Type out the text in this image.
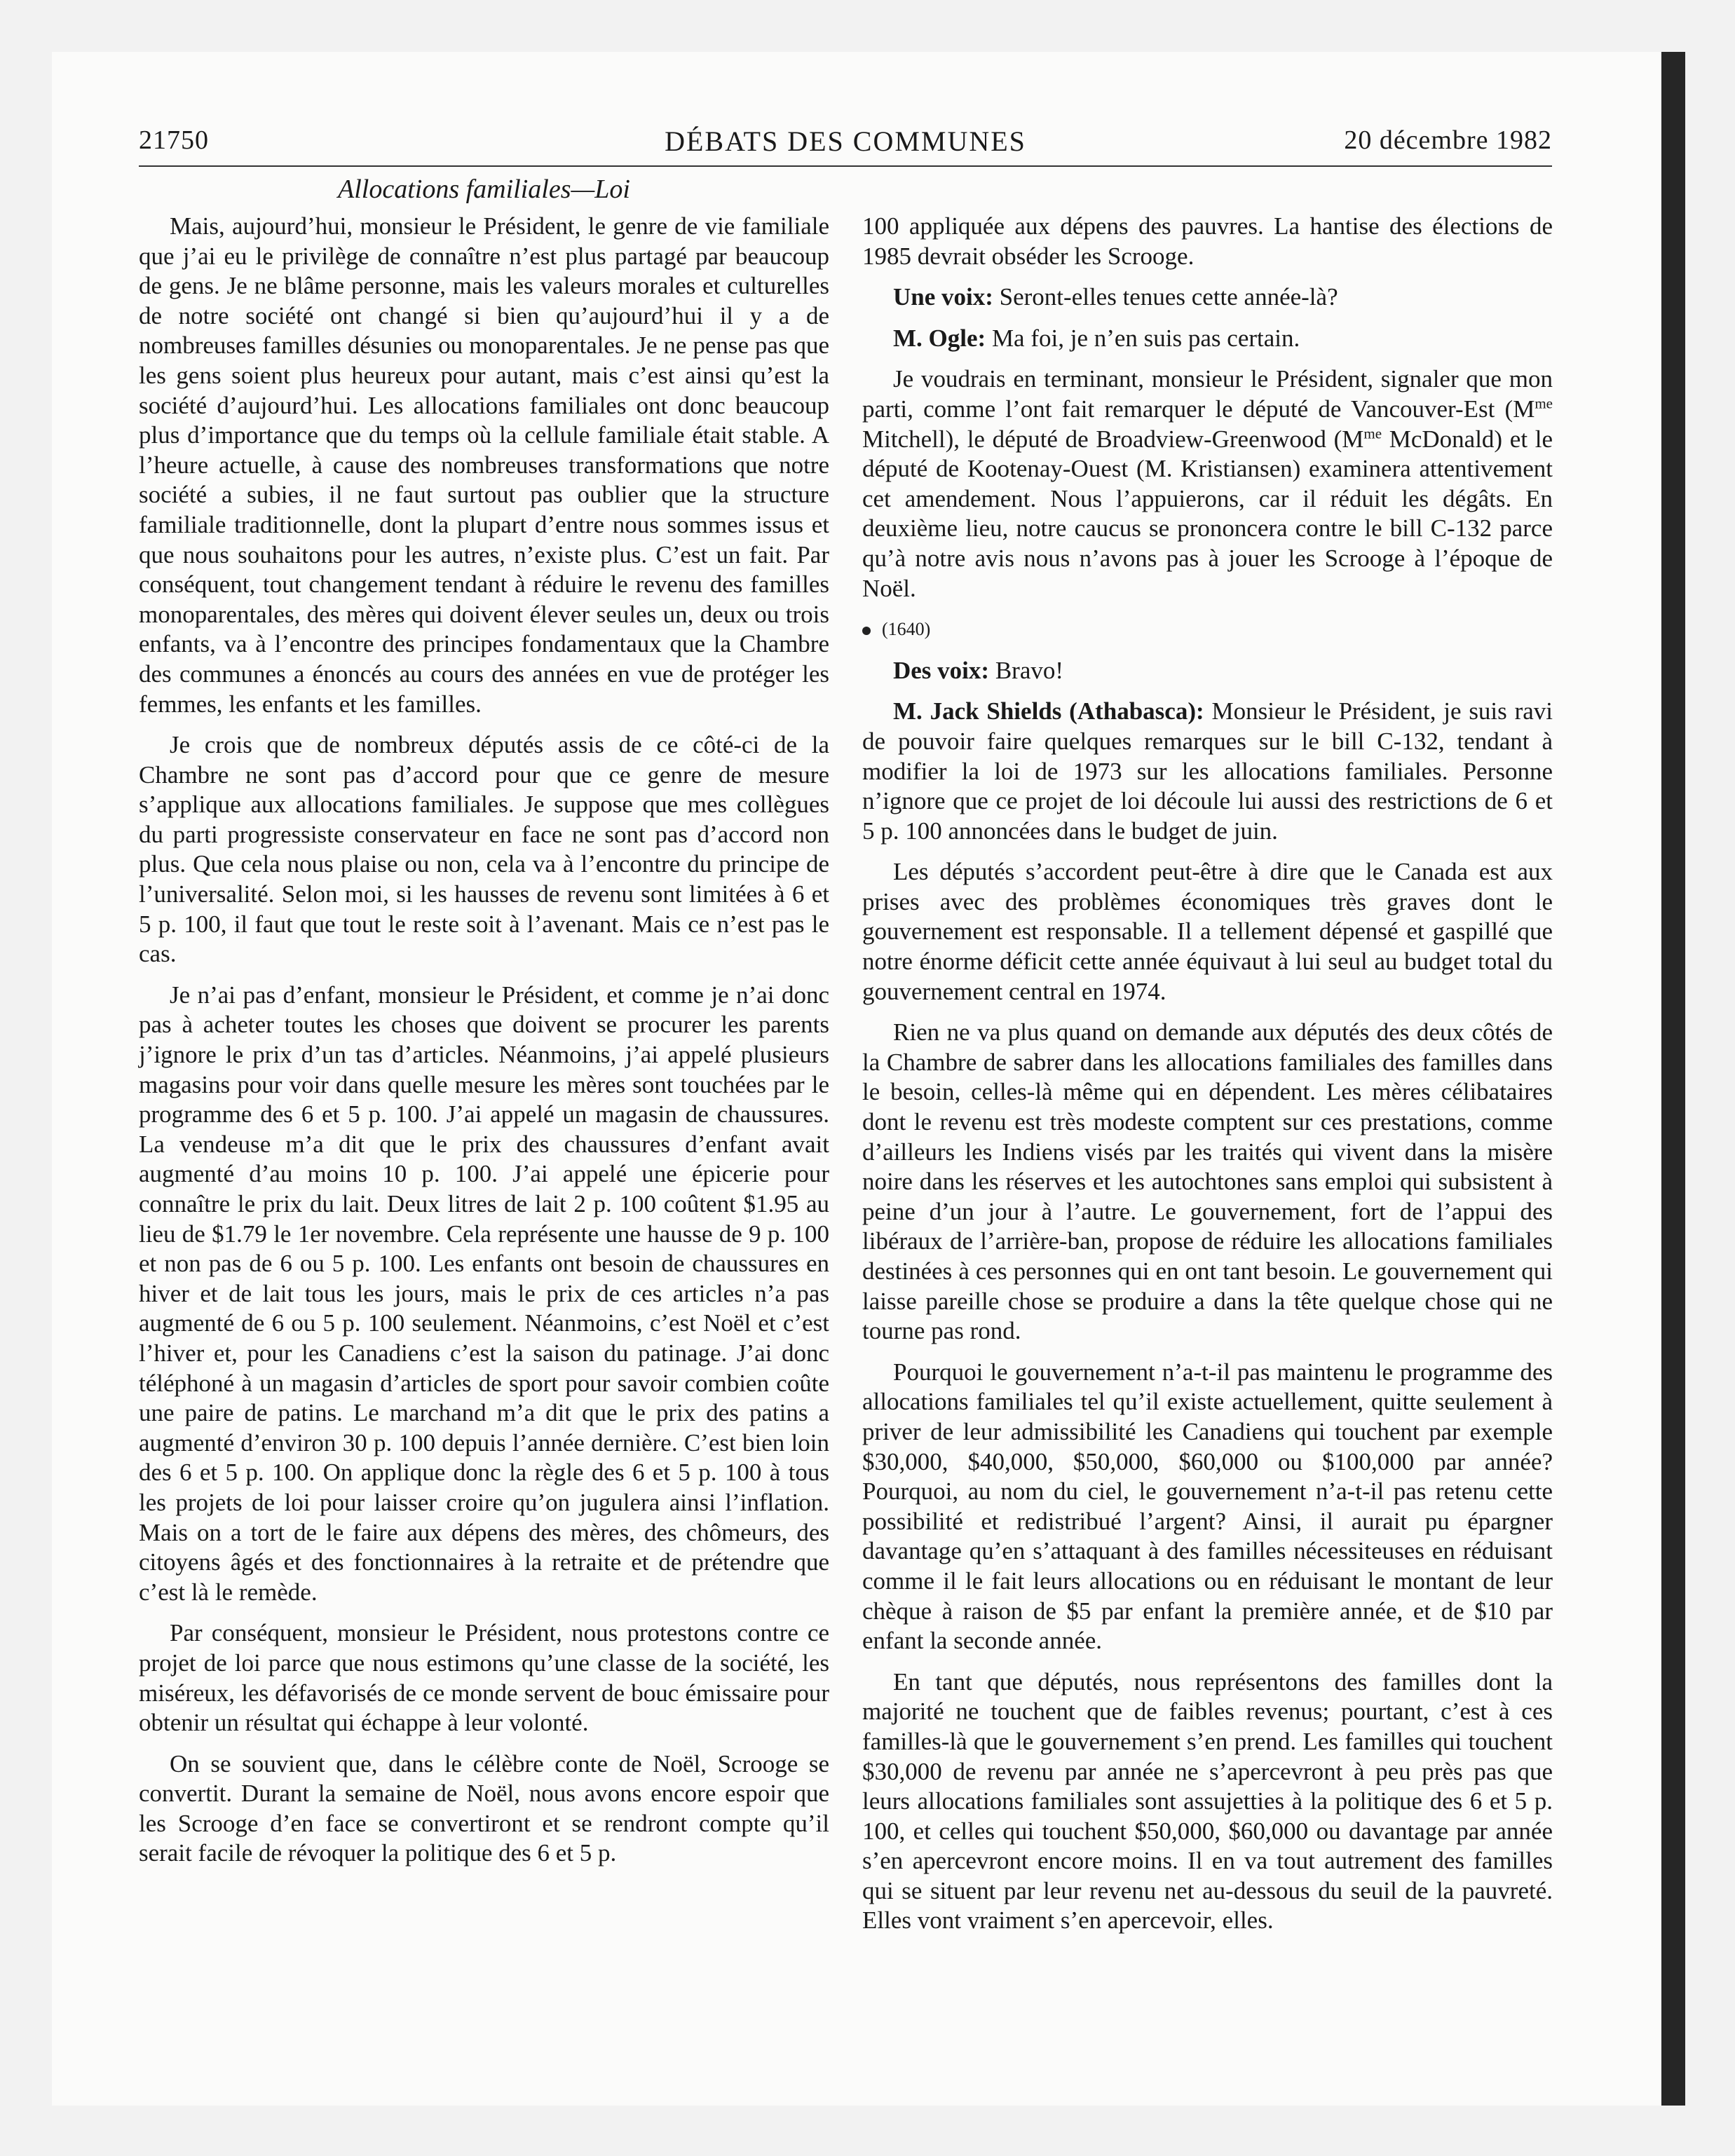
21750	DÉBATS DES COMMUNES	20 décembre 1982
Allocations familiales—Loi

Mais, aujourd’hui, monsieur le Président, le genre de vie familiale que j’ai eu le privilège de connaître n’est plus partagé par beaucoup de gens. Je ne blâme personne, mais les valeurs morales et culturelles de notre société ont changé si bien qu’aujourd’hui il y a de nombreuses familles désunies ou monoparentales. Je ne pense pas que les gens soient plus heureux pour autant, mais c’est ainsi qu’est la société d’aujourd’hui. Les allocations familiales ont donc beaucoup plus d’importance que du temps où la cellule familiale était stable. A l’heure actuelle, à cause des nombreuses transformations que notre société a subies, il ne faut surtout pas oublier que la structure familiale traditionnelle, dont la plupart d’entre nous sommes issus et que nous souhaitons pour les autres, n’existe plus. C’est un fait. Par conséquent, tout changement tendant à réduire le revenu des familles monoparentales, des mères qui doivent élever seules un, deux ou trois enfants, va à l’encontre des principes fondamentaux que la Chambre des communes a énoncés au cours des années en vue de protéger les femmes, les enfants et les familles.

Je crois que de nombreux députés assis de ce côté-ci de la Chambre ne sont pas d’accord pour que ce genre de mesure s’applique aux allocations familiales. Je suppose que mes collègues du parti progressiste conservateur en face ne sont pas d’accord non plus. Que cela nous plaise ou non, cela va à l’encontre du principe de l’universalité. Selon moi, si les hausses de revenu sont limitées à 6 et 5 p. 100, il faut que tout le reste soit à l’avenant. Mais ce n’est pas le cas.

Je n’ai pas d’enfant, monsieur le Président, et comme je n’ai donc pas à acheter toutes les choses que doivent se procurer les parents j’ignore le prix d’un tas d’articles. Néanmoins, j’ai appelé plusieurs magasins pour voir dans quelle mesure les mères sont touchées par le programme des 6 et 5 p. 100. J’ai appelé un magasin de chaussures. La vendeuse m’a dit que le prix des chaussures d’enfant avait augmenté d’au moins 10 p. 100. J’ai appelé une épicerie pour connaître le prix du lait. Deux litres de lait 2 p. 100 coûtent $1.95 au lieu de $1.79 le 1er novembre. Cela représente une hausse de 9 p. 100 et non pas de 6 ou 5 p. 100. Les enfants ont besoin de chaussures en hiver et de lait tous les jours, mais le prix de ces articles n’a pas augmenté de 6 ou 5 p. 100 seulement. Néanmoins, c’est Noël et c’est l’hiver et, pour les Canadiens c’est la saison du patinage. J’ai donc téléphoné à un magasin d’articles de sport pour savoir combien coûte une paire de patins. Le marchand m’a dit que le prix des patins a augmenté d’environ 30 p. 100 depuis l’année dernière. C’est bien loin des 6 et 5 p. 100. On applique donc la règle des 6 et 5 p. 100 à tous les projets de loi pour laisser croire qu’on jugulera ainsi l’inflation. Mais on a tort de le faire aux dépens des mères, des chômeurs, des citoyens âgés et des fonctionnaires à la retraite et de prétendre que c’est là le remède.

Par conséquent, monsieur le Président, nous protestons contre ce projet de loi parce que nous estimons qu’une classe de la société, les miséreux, les défavorisés de ce monde servent de bouc émissaire pour obtenir un résultat qui échappe à leur volonté.

On se souvient que, dans le célèbre conte de Noël, Scrooge se convertit. Durant la semaine de Noël, nous avons encore espoir que les Scrooge d’en face se convertiront et se rendront compte qu’il serait facile de révoquer la politique des 6 et 5 p.

100 appliquée aux dépens des pauvres. La hantise des élections de 1985 devrait obséder les Scrooge.

Une voix: Seront-elles tenues cette année-là?

M. Ogle: Ma foi, je n’en suis pas certain.

Je voudrais en terminant, monsieur le Président, signaler que mon parti, comme l’ont fait remarquer le député de Vancouver-Est ($M^{me}$ Mitchell), le député de Broadview-Greenwood ($M^{me}$ McDonald) et le député de Kootenay-Ouest (M. Kristiansen) examinera attentivement cet amendement. Nous l’appuierons, car il réduit les dégâts. En deuxième lieu, notre caucus se prononcera contre le bill C-132 parce qu’à notre avis nous n’avons pas à jouer les Scrooge à l’époque de Noël.

(1640)

Des voix: Bravo!

M. Jack Shields (Athabasca): Monsieur le Président, je suis ravi de pouvoir faire quelques remarques sur le bill C-132, tendant à modifier la loi de 1973 sur les allocations familiales. Personne n’ignore que ce projet de loi découle lui aussi des restrictions de 6 et 5 p. 100 annoncées dans le budget de juin.

Les députés s’accordent peut-être à dire que le Canada est aux prises avec des problèmes économiques très graves dont le gouvernement est responsable. Il a tellement dépensé et gaspillé que notre énorme déficit cette année équivaut à lui seul au budget total du gouvernement central en 1974.

Rien ne va plus quand on demande aux députés des deux côtés de la Chambre de sabrer dans les allocations familiales des familles dans le besoin, celles-là même qui en dépendent. Les mères célibataires dont le revenu est très modeste comptent sur ces prestations, comme d’ailleurs les Indiens visés par les traités qui vivent dans la misère noire dans les réserves et les autochtones sans emploi qui subsistent à peine d’un jour à l’autre. Le gouvernement, fort de l’appui des libéraux de l’arrière-ban, propose de réduire les allocations familiales destinées à ces personnes qui en ont tant besoin. Le gouvernement qui laisse pareille chose se produire a dans la tête quelque chose qui ne tourne pas rond.

Pourquoi le gouvernement n’a-t-il pas maintenu le programme des allocations familiales tel qu’il existe actuellement, quitte seulement à priver de leur admissibilité les Canadiens qui touchent par exemple $30,000, $40,000, $50,000, $60,000 ou $100,000 par année? Pourquoi, au nom du ciel, le gouvernement n’a-t-il pas retenu cette possibilité et redistribué l’argent? Ainsi, il aurait pu épargner davantage qu’en s’attaquant à des familles nécessiteuses en réduisant comme il le fait leurs allocations ou en réduisant le montant de leur chèque à raison de $5 par enfant la première année, et de $10 par enfant la seconde année.

En tant que députés, nous représentons des familles dont la majorité ne touchent que de faibles revenus; pourtant, c’est à ces familles-là que le gouvernement s’en prend. Les familles qui touchent $30,000 de revenu par année ne s’apercevront à peu près pas que leurs allocations familiales sont assujetties à la politique des 6 et 5 p. 100, et celles qui touchent $50,000, $60,000 ou davantage par année s’en apercevront encore moins. Il en va tout autrement des familles qui se situent par leur revenu net au-dessous du seuil de la pauvreté. Elles vont vraiment s’en apercevoir, elles.
